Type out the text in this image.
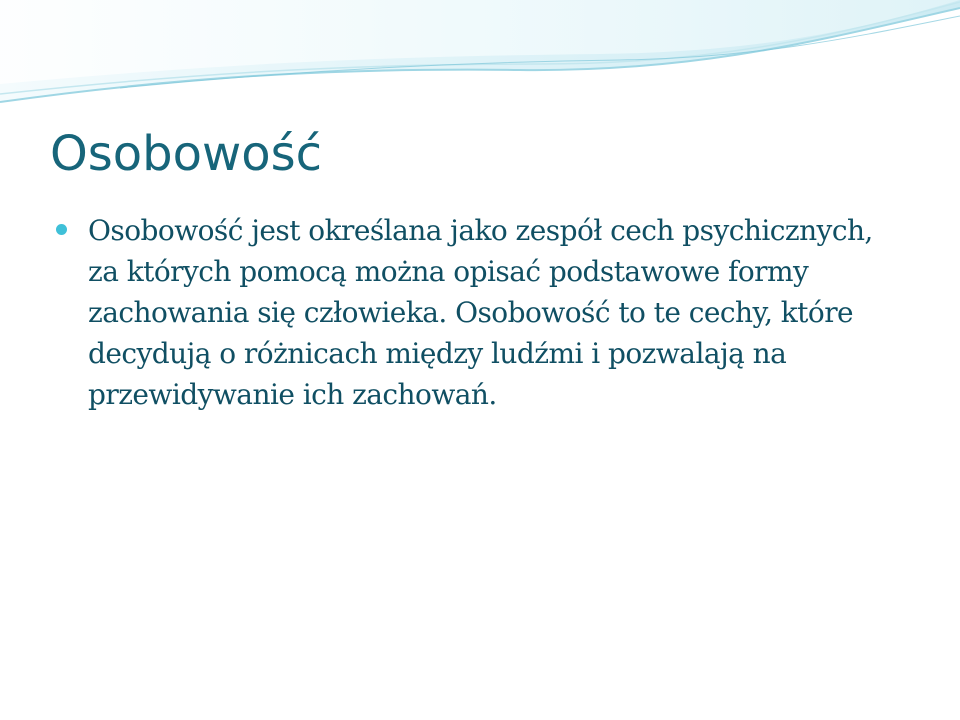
Osobowość

Osobowość jest określana jako zespół cech psychicznych, za których pomocą można opisać podstawowe formy zachowania się człowieka. Osobowość to te cechy, które decydują o różnicach między ludźmi i pozwalają na przewidywanie ich zachowań.
